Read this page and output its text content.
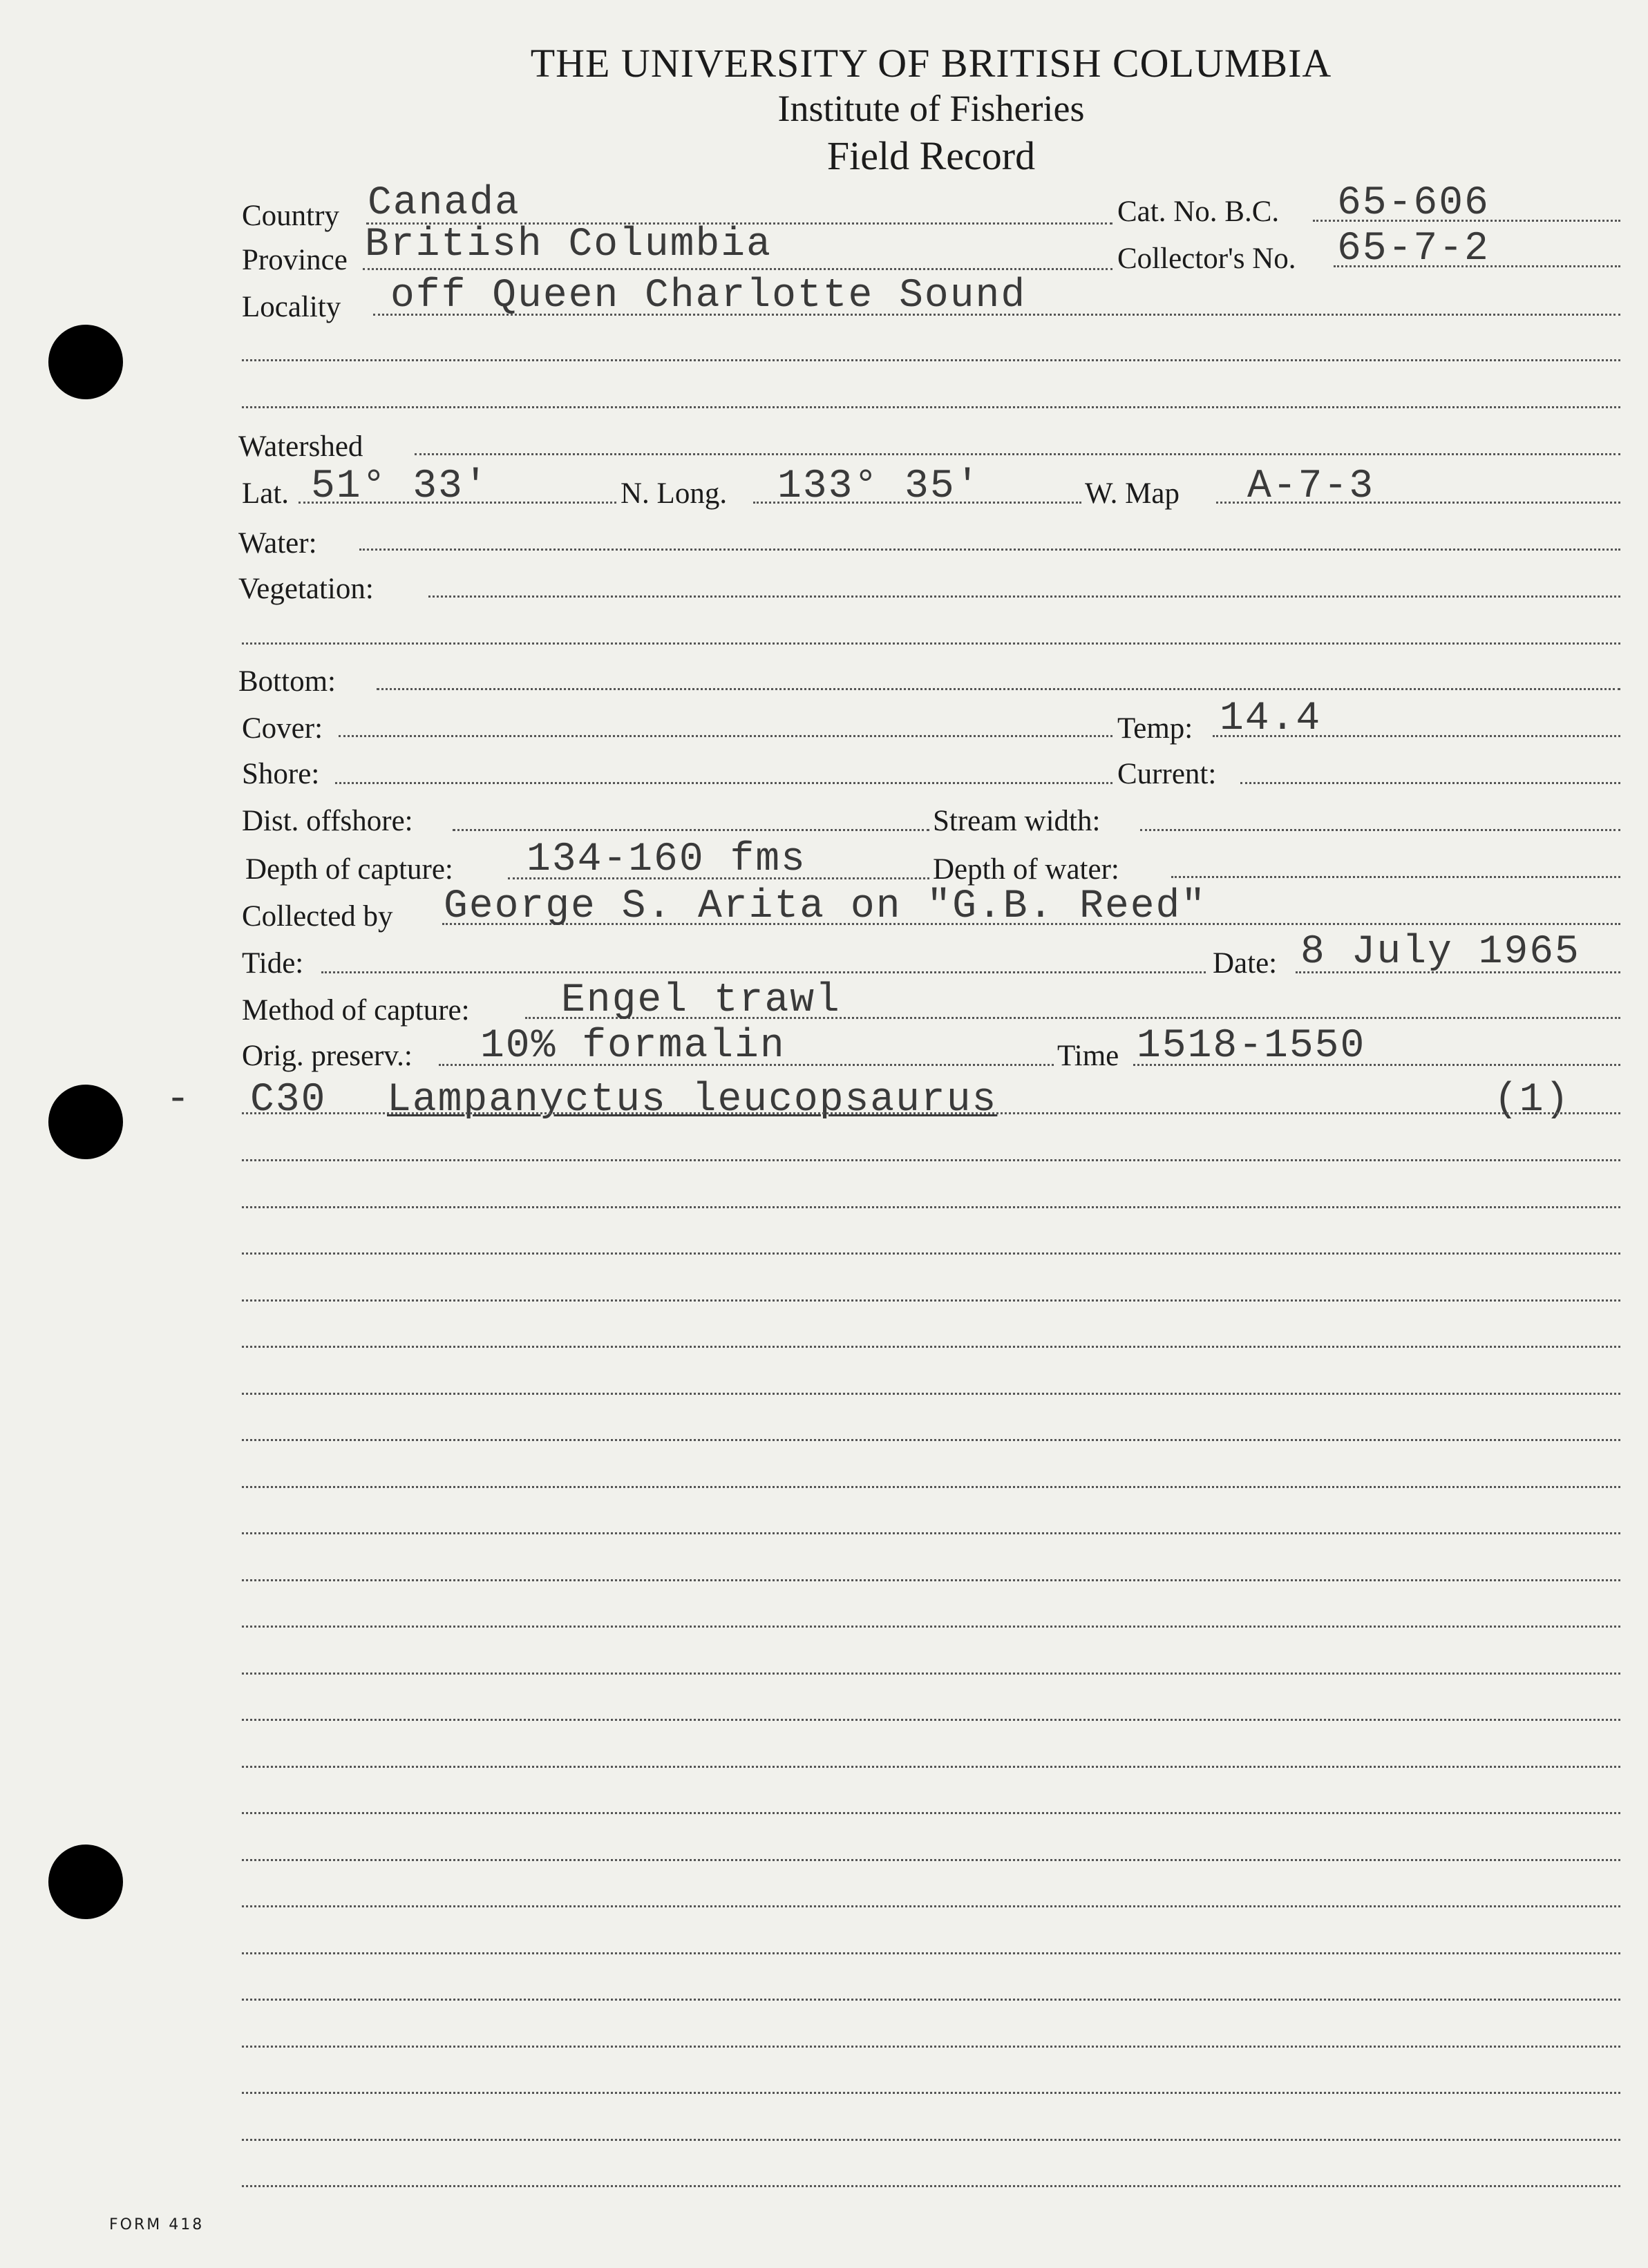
THE UNIVERSITY OF BRITISH COLUMBIA
Institute of Fisheries
Field Record
Country Canada	Cat. No. B.C. 65-606
Province British Columbia	Collector's No. 65-7-2
Locality off Queen Charlotte Sound
Watershed
Lat. 51° 33'	N. Long. 133° 35'	W. Map A-7-3
Water:
Vegetation:
Bottom:
Cover:	Temp: 14.4
Shore:	Current:
Dist. offshore:	Stream width:
Depth of capture: 134-160 fms	Depth of water:
Collected by George S. Arita on "G.B. Reed"
Tide:	Date: 8 July 1965
Method of capture: Engel trawl
Orig. preserv.: 10% formalin	Time 1518-1550
- C30 Lampanyctus leucopsaurus	(1)
FORM 418
